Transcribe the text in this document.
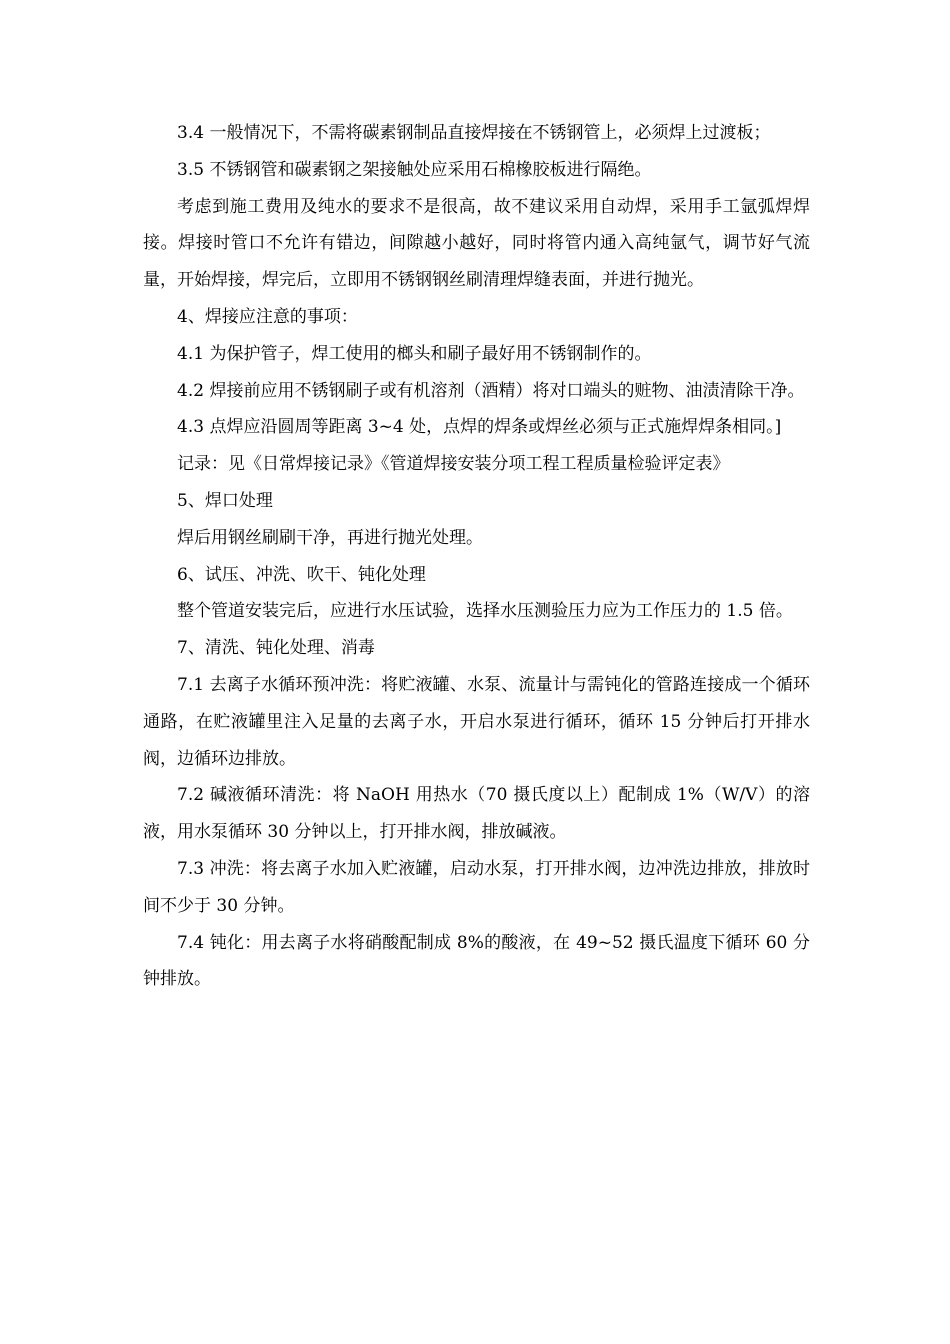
3.4 一般情况下，不需将碳素钢制品直接焊接在不锈钢管上，必须焊上过渡板；

3.5 不锈钢管和碳素钢之架接触处应采用石棉橡胶板进行隔绝。

考虑到施工费用及纯水的要求不是很高，故不建议采用自动焊，采用手工氩弧焊焊接。焊接时管口不允许有错边，间隙越小越好，同时将管内通入高纯氩气，调节好气流量，开始焊接，焊完后，立即用不锈钢钢丝刷清理焊缝表面，并进行抛光。

4、焊接应注意的事项：

4.1 为保护管子，焊工使用的榔头和刷子最好用不锈钢制作的。

4.2 焊接前应用不锈钢刷子或有机溶剂（酒精）将对口端头的赃物、油渍清除干净。

4.3 点焊应沿圆周等距离 3~4 处，点焊的焊条或焊丝必须与正式施焊焊条相同。]

记录：见《日常焊接记录》《管道焊接安装分项工程工程质量检验评定表》

5、焊口处理

焊后用钢丝刷刷干净，再进行抛光处理。

6、试压、冲洗、吹干、钝化处理

整个管道安装完后，应进行水压试验，选择水压测验压力应为工作压力的 1.5 倍。

7、清洗、钝化处理、消毒

7.1 去离子水循环预冲洗：将贮液罐、水泵、流量计与需钝化的管路连接成一个循环通路，在贮液罐里注入足量的去离子水，开启水泵进行循环，循环 15 分钟后打开排水阀，边循环边排放。

7.2 碱液循环清洗：将 NaOH 用热水（70 摄氏度以上）配制成 1%（W/V）的溶液，用水泵循环 30 分钟以上，打开排水阀，排放碱液。

7.3 冲洗：将去离子水加入贮液罐，启动水泵，打开排水阀，边冲洗边排放，排放时间不少于 30 分钟。

7.4 钝化：用去离子水将硝酸配制成 8%的酸液，在 49~52 摄氏温度下循环 60 分钟排放。
